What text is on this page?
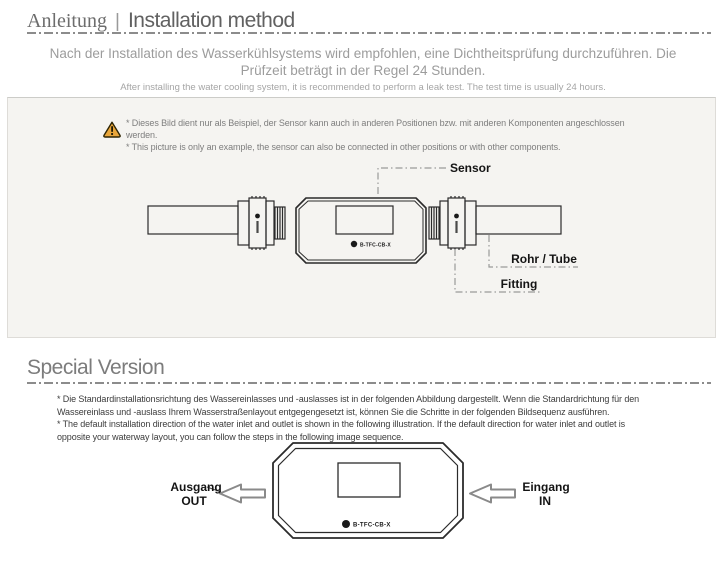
Anleitung | Installation method
Nach der Installation des Wasserkühlsystems wird empfohlen, eine Dichtheitsprüfung durchzuführen. Die Prüfzeit beträgt in der Regel 24 Stunden.
After installing the water cooling system, it is recommended to perform a leak test. The test time is usually 24 hours.
* Dieses Bild dient nur als Beispiel, der Sensor kann auch in anderen Positionen bzw. mit anderen Komponenten angeschlossen werden.
* This picture is only an example, the sensor can also be connected in other positions or with other components.
B-TFC-CB-X
Sensor
Rohr / Tube
Fitting
Special Version
* Die Standardinstallationsrichtung des Wassereinlasses und -auslasses ist in der folgenden Abbildung dargestellt. Wenn die Standardrichtung für den Wassereinlass und -auslass Ihrem Wasserstraßenlayout entgegengesetzt ist, können Sie die Schritte in der folgenden Bildsequenz ausführen.
* The default installation direction of the water inlet and outlet is shown in the following illustration. If the default direction for water inlet and outlet is opposite your waterway layout, you can follow the steps in the following image sequence.
B-TFC-CB-X
Ausgang
OUT
Eingang
IN
